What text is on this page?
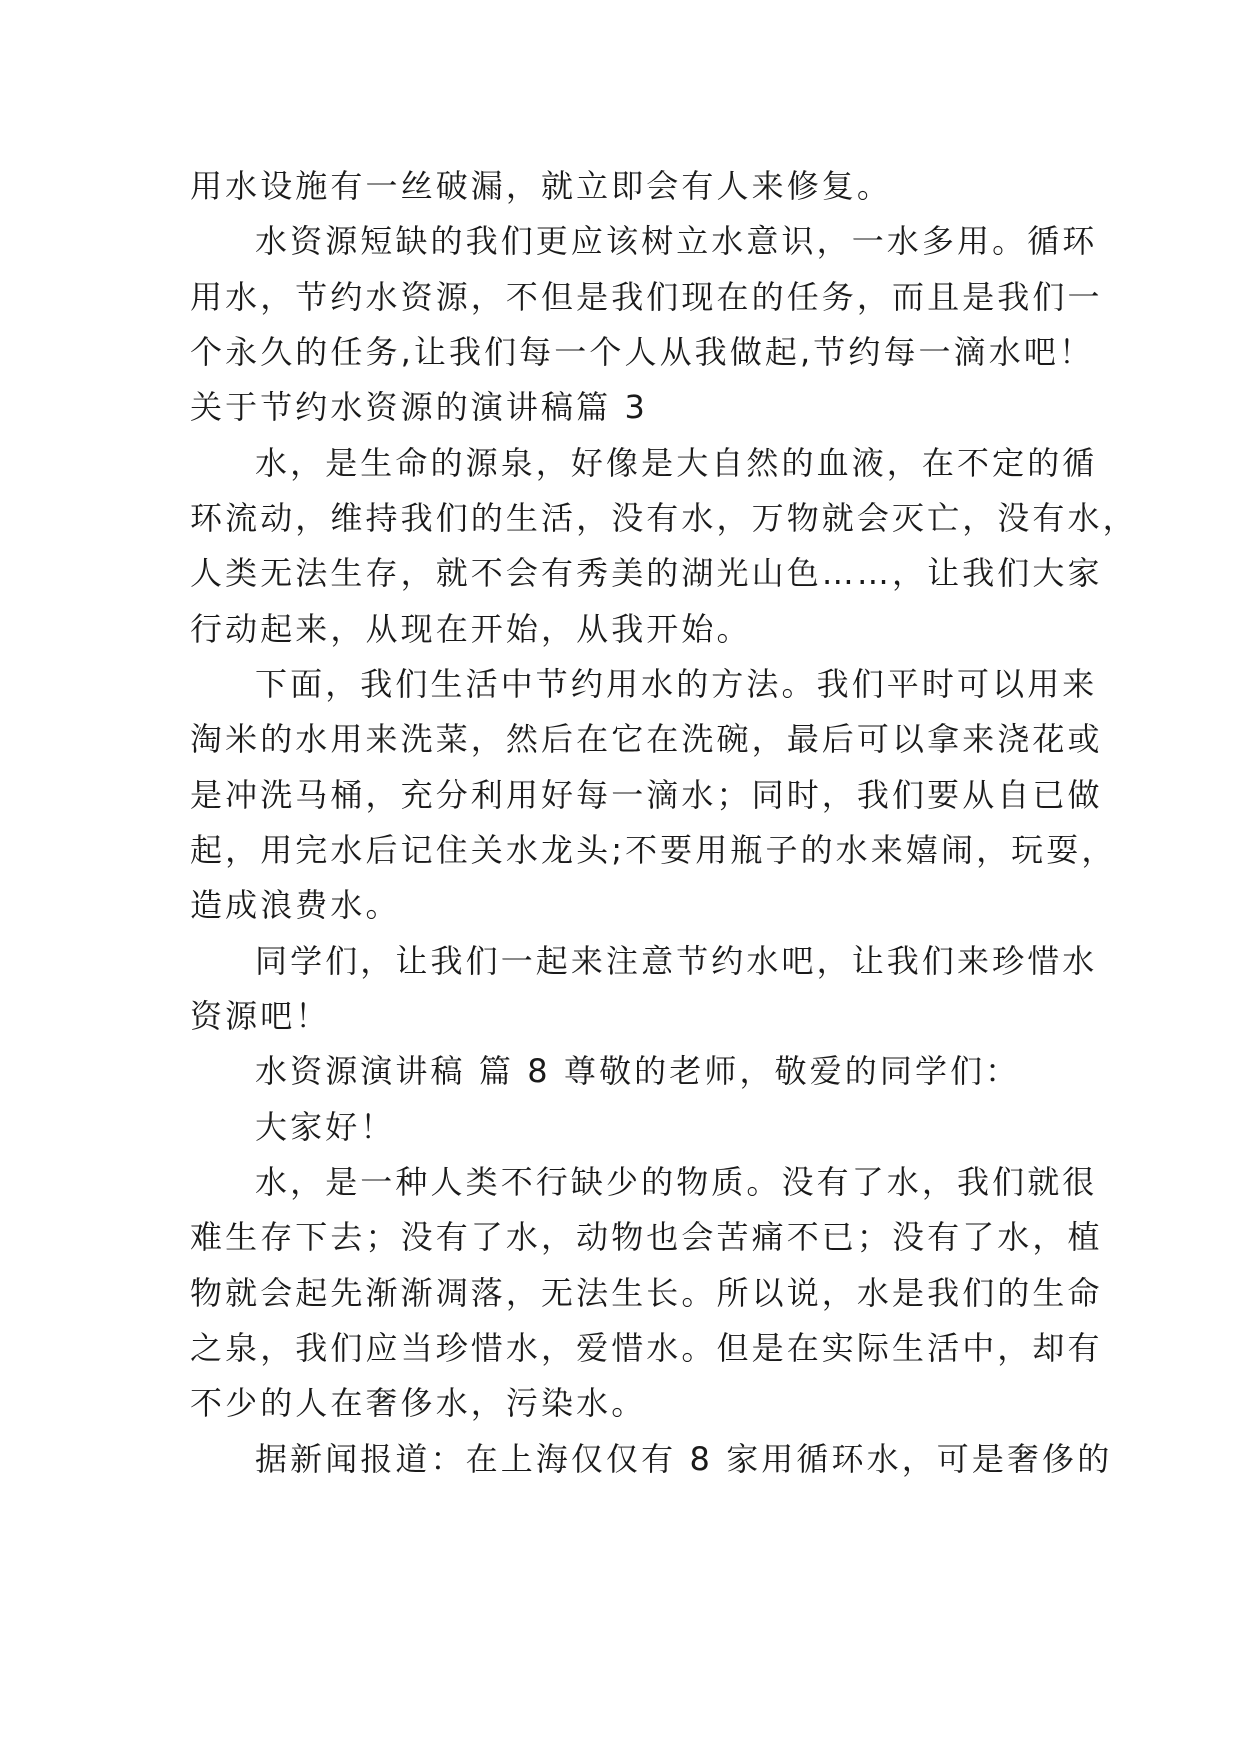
用水设施有一丝破漏，就立即会有人来修复。
水资源短缺的我们更应该树立水意识，一水多用。循环
用水，节约水资源，不但是我们现在的任务，而且是我们一
个永久的任务,让我们每一个人从我做起,节约每一滴水吧！
关于节约水资源的演讲稿篇 3
水，是生命的源泉，好像是大自然的血液，在不定的循
环流动，维持我们的生活，没有水，万物就会灭亡，没有水，
人类无法生存，就不会有秀美的湖光山色……，让我们大家
行动起来，从现在开始，从我开始。
下面，我们生活中节约用水的方法。我们平时可以用来
淘米的水用来洗菜，然后在它在洗碗，最后可以拿来浇花或
是冲洗马桶，充分利用好每一滴水；同时，我们要从自已做
起，用完水后记住关水龙头;不要用瓶子的水来嬉闹，玩耍，
造成浪费水。
同学们，让我们一起来注意节约水吧，让我们来珍惜水
资源吧！
水资源演讲稿 篇 8 尊敬的老师，敬爱的同学们：
大家好！
水，是一种人类不行缺少的物质。没有了水，我们就很
难生存下去；没有了水，动物也会苦痛不已；没有了水，植
物就会起先渐渐凋落，无法生长。所以说，水是我们的生命
之泉，我们应当珍惜水，爱惜水。但是在实际生活中，却有
不少的人在奢侈水，污染水。
据新闻报道：在上海仅仅有 8 家用循环水，可是奢侈的
